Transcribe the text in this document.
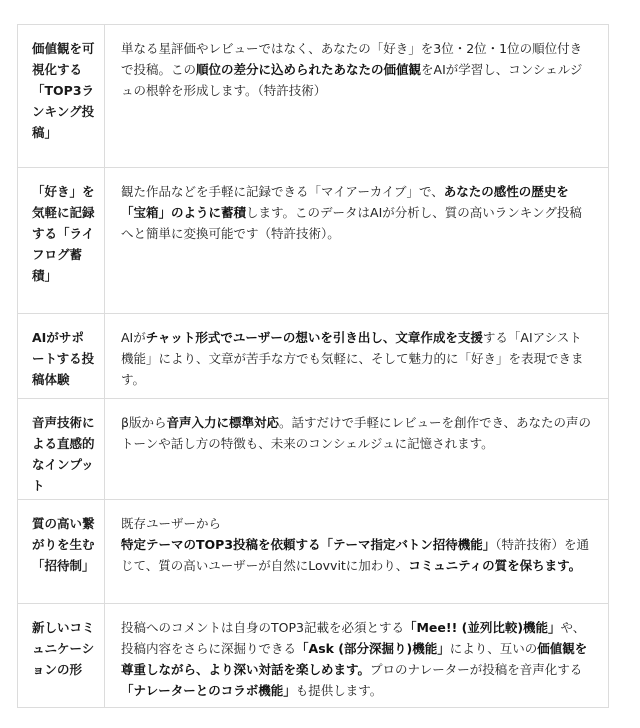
価値観を可視化する「TOP3ランキング投稿」	単なる星評価やレビューではなく、あなたの「好き」を3位・2位・1位の順位付きで投稿。この順位の差分に込められたあなたの価値観をAIが学習し、コンシェルジュの根幹を形成します。（特許技術）
「好き」を気軽に記録する「ライフログ蓄積」	観た作品などを手軽に記録できる「マイアーカイブ」で、あなたの感性の歴史を「宝箱」のように蓄積します。このデータはAIが分析し、質の高いランキング投稿へと簡単に変換可能です（特許技術）。
AIがサポートする投稿体験	AIがチャット形式でユーザーの想いを引き出し、文章作成を支援する「AIアシスト機能」により、文章が苦手な方でも気軽に、そして魅力的に「好き」を表現できます。
音声技術による直感的なインプット	β版から音声入力に標準対応。話すだけで手軽にレビューを創作でき、あなたの声のトーンや話し方の特徴も、未来のコンシェルジュに記憶されます。
質の高い繋がりを生む「招待制」	既存ユーザーから特定テーマのTOP3投稿を依頼する「テーマ指定バトン招待機能」（特許技術）を通じて、質の高いユーザーが自然にLovvitに加わり、コミュニティの質を保ちます。
新しいコミュニケーションの形	投稿へのコメントは自身のTOP3記載を必須とする「Mee!! (並列比較)機能」や、投稿内容をさらに深掘りできる「Ask (部分深掘り)機能」により、互いの価値観を尊重しながら、より深い対話を楽しめます。プロのナレーターが投稿を音声化する「ナレーターとのコラボ機能」も提供します。
